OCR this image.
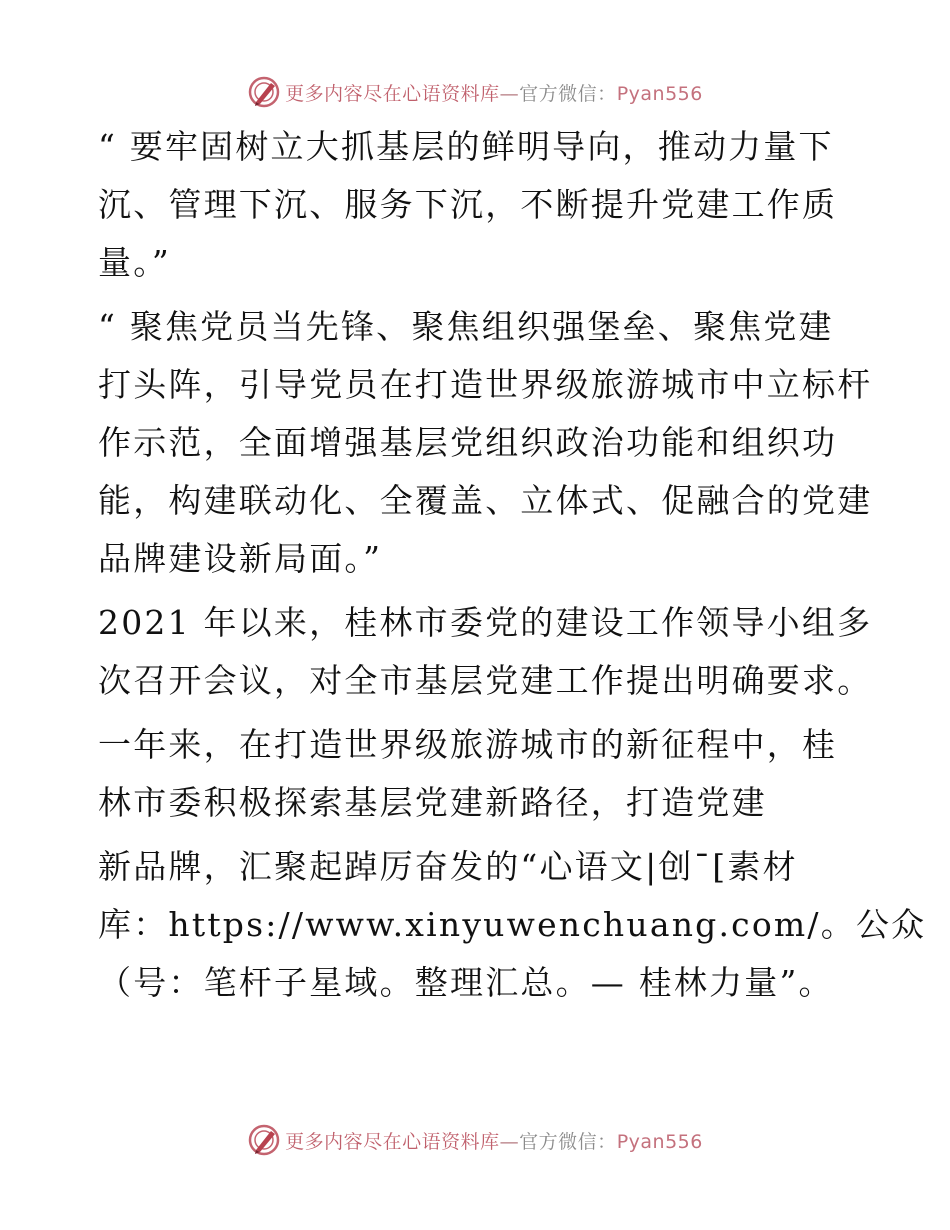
更多内容尽在心语资料库—官方微信：Pyan556
“ 要牢固树立大抓基层的鲜明导向，推动力量下
沉、管理下沉、服务下沉，不断提升党建工作质
量。”
“ 聚焦党员当先锋、聚焦组织强堡垒、聚焦党建
打头阵，引导党员在打造世界级旅游城市中立标杆
作示范，全面增强基层党组织政治功能和组织功
能，构建联动化、全覆盖、立体式、促融合的党建
品牌建设新局面。”
2021 年以来，桂林市委党的建设工作领导小组多
次召开会议，对全市基层党建工作提出明确要求。
一年来，在打造世界级旅游城市的新征程中，桂
林市委积极探索基层党建新路径，打造党建
新品牌，汇聚起踔厉奋发的“心语文|创¯[素材
库：https://www.xinyuwenchuang.com/。公众
（号：笔杆子星域。整理汇总。— 桂林力量”。
更多内容尽在心语资料库—官方微信：Pyan556
